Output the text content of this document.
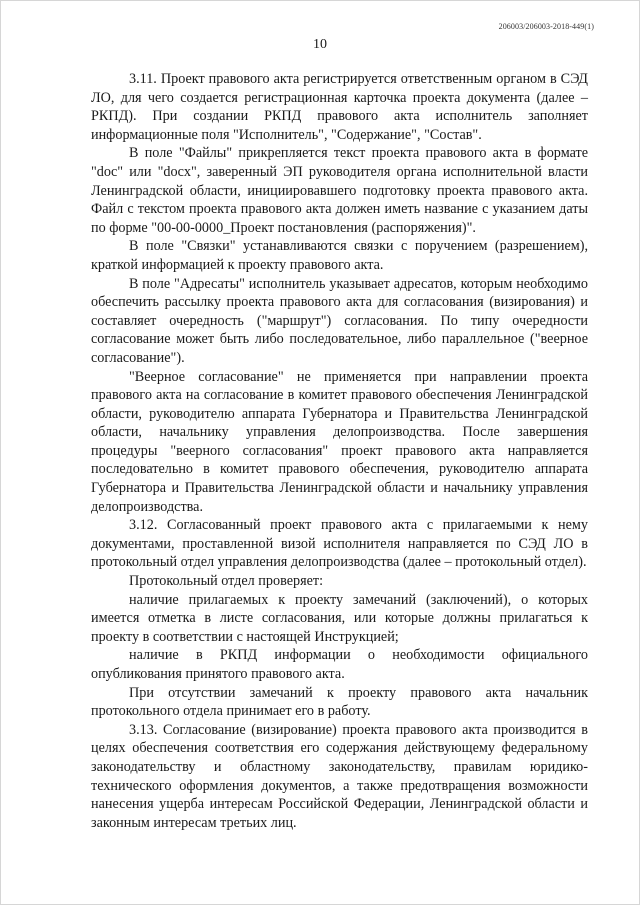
206003/206003-2018-449(1)
10

3.11. Проект правового акта регистрируется ответственным органом в СЭД ЛО, для чего создается регистрационная карточка проекта документа (далее – РКПД). При создании РКПД правового акта исполнитель заполняет информационные поля "Исполнитель", "Содержание", "Состав".

В поле "Файлы" прикрепляется текст проекта правового акта в формате "doc" или "docx", заверенный ЭП руководителя органа исполнительной власти Ленинградской области, инициировавшего подготовку проекта правового акта. Файл с текстом проекта правового акта должен иметь название с указанием даты по форме "00-00-0000_Проект постановления (распоряжения)".

В поле "Связки" устанавливаются связки с поручением (разрешением), краткой информацией к проекту правового акта.

В поле "Адресаты" исполнитель указывает адресатов, которым необходимо обеспечить рассылку проекта правового акта для согласования (визирования) и составляет очередность ("маршрут") согласования. По типу очередности согласование может быть либо последовательное, либо параллельное ("веерное согласование").

"Веерное согласование" не применяется при направлении проекта правового акта на согласование в комитет правового обеспечения Ленинградской области, руководителю аппарата Губернатора и Правительства Ленинградской области, начальнику управления делопроизводства. После завершения процедуры "веерного согласования" проект правового акта направляется последовательно в комитет правового обеспечения, руководителю аппарата Губернатора и Правительства Ленинградской области и начальнику управления делопроизводства.

3.12. Согласованный проект правового акта с прилагаемыми к нему документами, проставленной визой исполнителя направляется по СЭД ЛО в протокольный отдел управления делопроизводства (далее – протокольный отдел).

Протокольный отдел проверяет:

наличие прилагаемых к проекту замечаний (заключений), о которых имеется отметка в листе согласования, или которые должны прилагаться к проекту в соответствии с настоящей Инструкцией;

наличие в РКПД информации о необходимости официального опубликования принятого правового акта.

При отсутствии замечаний к проекту правового акта начальник протокольного отдела принимает его в работу.

3.13. Согласование (визирование) проекта правового акта производится в целях обеспечения соответствия его содержания действующему федеральному законодательству и областному законодательству, правилам юридико-технического оформления документов, а также предотвращения возможности нанесения ущерба интересам Российской Федерации, Ленинградской области и законным интересам третьих лиц.
